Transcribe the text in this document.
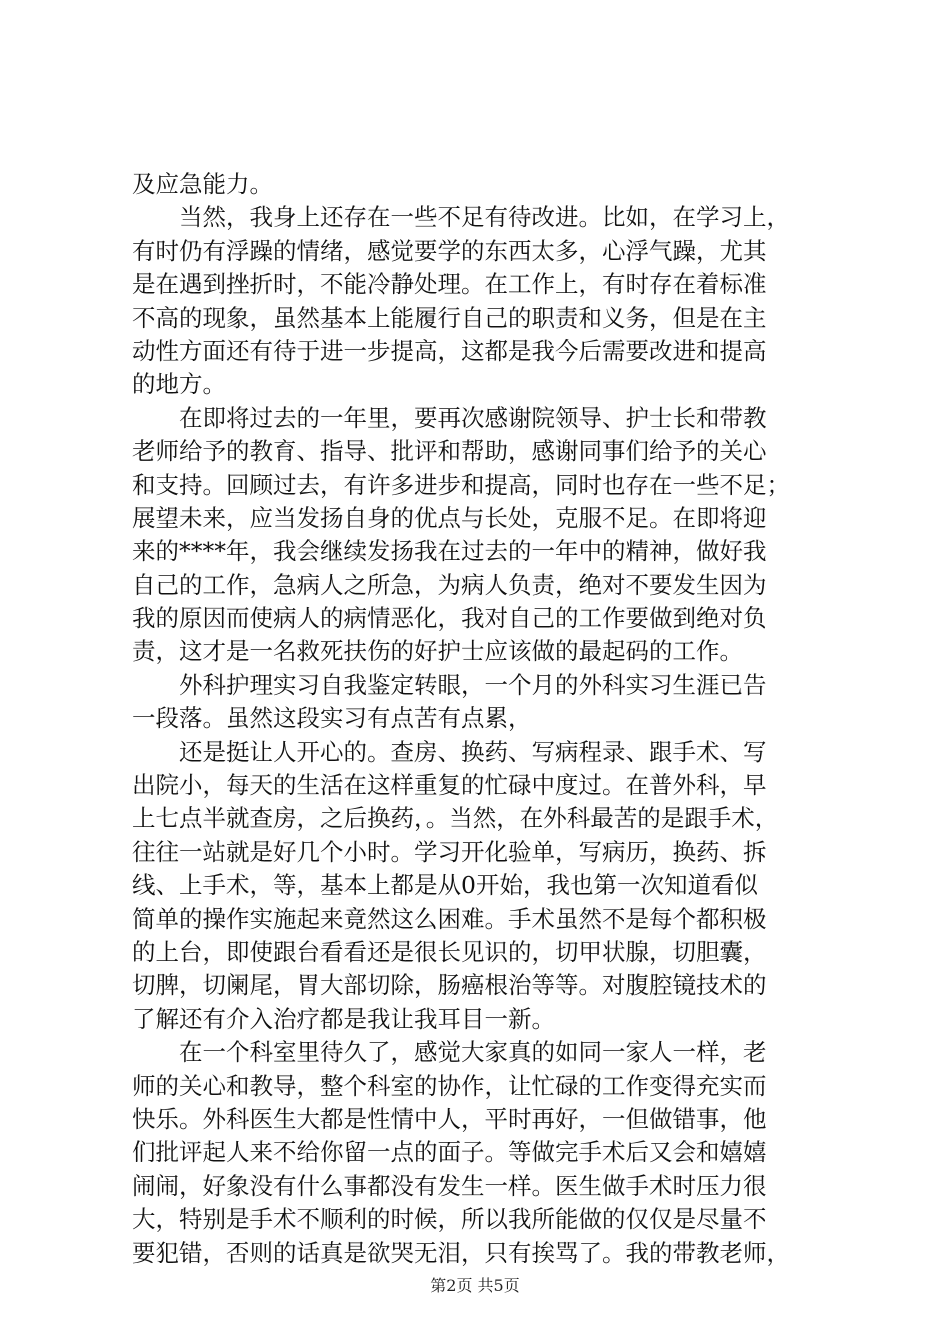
及应急能力。
当然，我身上还存在一些不足有待改进。比如，在学习上，
有时仍有浮躁的情绪，感觉要学的东西太多，心浮气躁，尤其
是在遇到挫折时，不能冷静处理。在工作上，有时存在着标准
不高的现象，虽然基本上能履行自己的职责和义务，但是在主
动性方面还有待于进一步提高，这都是我今后需要改进和提高
的地方。
在即将过去的一年里，要再次感谢院领导、护士长和带教
老师给予的教育、指导、批评和帮助，感谢同事们给予的关心
和支持。回顾过去，有许多进步和提高，同时也存在一些不足；
展望未来，应当发扬自身的优点与长处，克服不足。在即将迎
来的****年，我会继续发扬我在过去的一年中的精神，做好我
自己的工作，急病人之所急，为病人负责，绝对不要发生因为
我的原因而使病人的病情恶化，我对自己的工作要做到绝对负
责，这才是一名救死扶伤的好护士应该做的最起码的工作。
外科护理实习自我鉴定转眼，一个月的外科实习生涯已告
一段落。虽然这段实习有点苦有点累，
还是挺让人开心的。查房、换药、写病程录、跟手术、写
出院小，每天的生活在这样重复的忙碌中度过。在普外科，早
上七点半就查房，之后换药，。当然，在外科最苦的是跟手术，
往往一站就是好几个小时。学习开化验单，写病历，换药、拆
线、上手术，等，基本上都是从0开始，我也第一次知道看似
简单的操作实施起来竟然这么困难。手术虽然不是每个都积极
的上台，即使跟台看看还是很长见识的，切甲状腺，切胆囊，
切脾，切阑尾，胃大部切除，肠癌根治等等。对腹腔镜技术的
了解还有介入治疗都是我让我耳目一新。
在一个科室里待久了，感觉大家真的如同一家人一样，老
师的关心和教导，整个科室的协作，让忙碌的工作变得充实而
快乐。外科医生大都是性情中人，平时再好，一但做错事，他
们批评起人来不给你留一点的面子。等做完手术后又会和嬉嬉
闹闹，好象没有什么事都没有发生一样。医生做手术时压力很
大，特别是手术不顺利的时候，所以我所能做的仅仅是尽量不
要犯错，否则的话真是欲哭无泪，只有挨骂了。我的带教老师，
第2页 共5页
